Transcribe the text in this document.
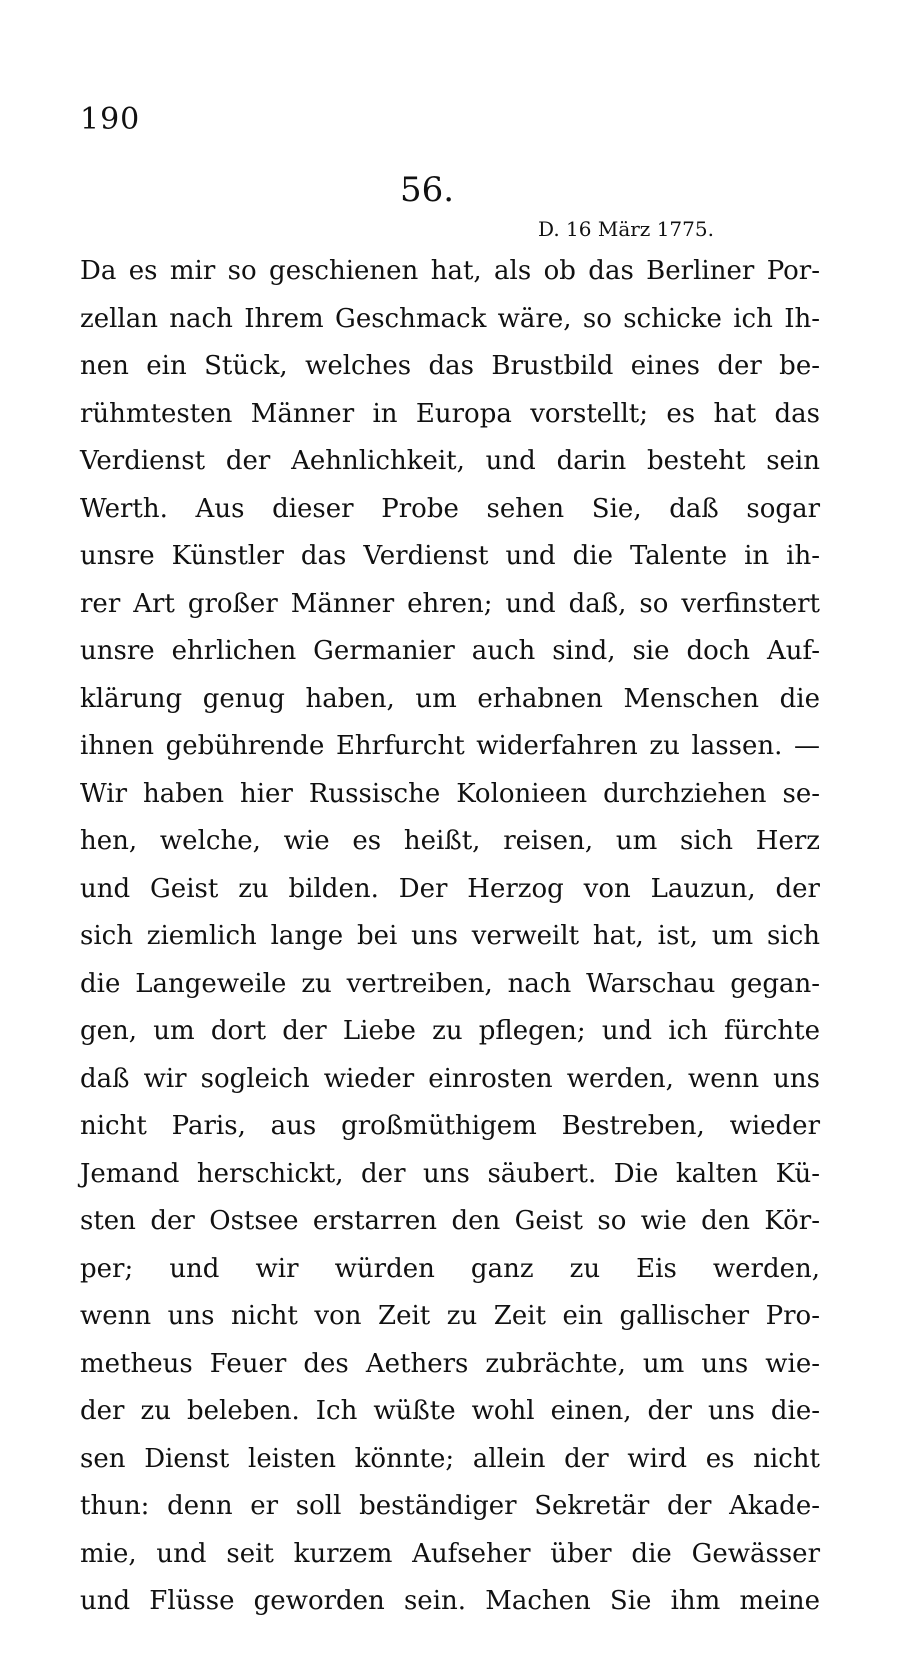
190
56.
D. 16 März 1775.
Da es mir so geschienen hat, als ob das Berliner Por-
zellan nach Ihrem Geschmack wäre, so schicke ich Ih-
nen ein Stück, welches das Brustbild eines der be-
rühmtesten Männer in Europa vorstellt; es hat das
Verdienst der Aehnlichkeit, und darin besteht sein
Werth. Aus dieser Probe sehen Sie, daß sogar
unsre Künstler das Verdienst und die Talente in ih-
rer Art großer Männer ehren; und daß, so verfinstert
unsre ehrlichen Germanier auch sind, sie doch Auf-
klärung genug haben, um erhabnen Menschen die
ihnen gebührende Ehrfurcht widerfahren zu lassen. —
Wir haben hier Russische Kolonieen durchziehen se-
hen, welche, wie es heißt, reisen, um sich Herz
und Geist zu bilden. Der Herzog von Lauzun, der
sich ziemlich lange bei uns verweilt hat, ist, um sich
die Langeweile zu vertreiben, nach Warschau gegan-
gen, um dort der Liebe zu pflegen; und ich fürchte
daß wir sogleich wieder einrosten werden, wenn uns
nicht Paris, aus großmüthigem Bestreben, wieder
Jemand herschickt, der uns säubert. Die kalten Kü-
sten der Ostsee erstarren den Geist so wie den Kör-
per; und wir würden ganz zu Eis werden,
wenn uns nicht von Zeit zu Zeit ein gallischer Pro-
metheus Feuer des Aethers zubrächte, um uns wie-
der zu beleben. Ich wüßte wohl einen, der uns die-
sen Dienst leisten könnte; allein der wird es nicht
thun: denn er soll beständiger Sekretär der Akade-
mie, und seit kurzem Aufseher über die Gewässer
und Flüsse geworden sein. Machen Sie ihm meine
